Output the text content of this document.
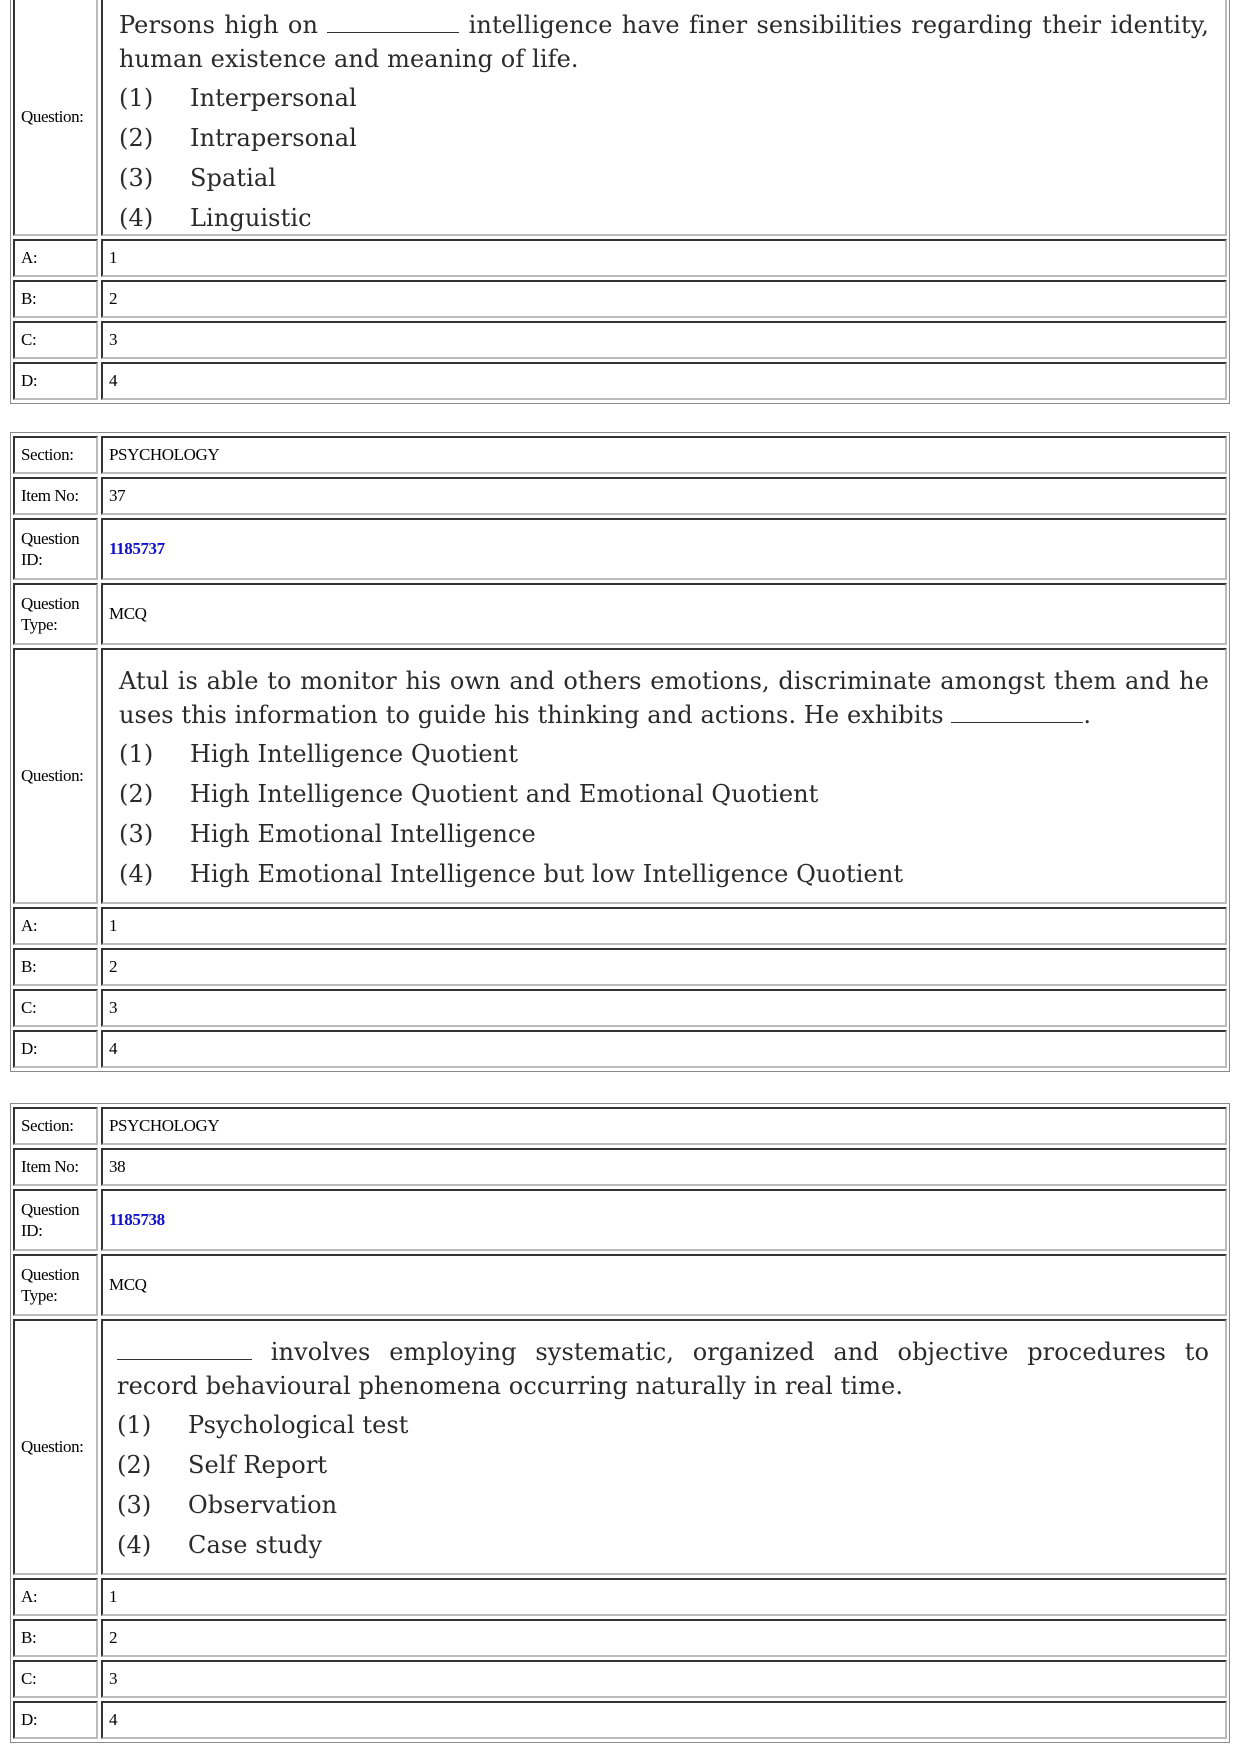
Question:
Persons high on	intelligence have finer sensibilities regarding their identity, human existence and meaning of life.
(1)	Interpersonal
(2)	Intrapersonal
(3)	Spatial
(4)	Linguistic
A:	1
B:	2
C:	3
D:	4
Section:	PSYCHOLOGY
Item No:	37
Question ID:
1185737
Question Type:
MCQ
Question:
Atul is able to monitor his own and others emotions, discriminate amongst them and he uses this information to guide his thinking and actions. He exhibits	.
(1)	High Intelligence Quotient
(2)	High Intelligence Quotient and Emotional Quotient
(3)	High Emotional Intelligence
(4)	High Emotional Intelligence but low Intelligence Quotient
A:	1
B:	2
C:	3
D:	4
Section:	PSYCHOLOGY
Item No:	38
Question ID:
1185738
Question Type:
MCQ
Question:
involves employing systematic, organized and objective procedures to record behavioural phenomena occurring naturally in real time.
(1)	Psychological test
(2)	Self Report
(3)	Observation
(4)	Case study
A:	1
B:	2
C:	3
D:	4
